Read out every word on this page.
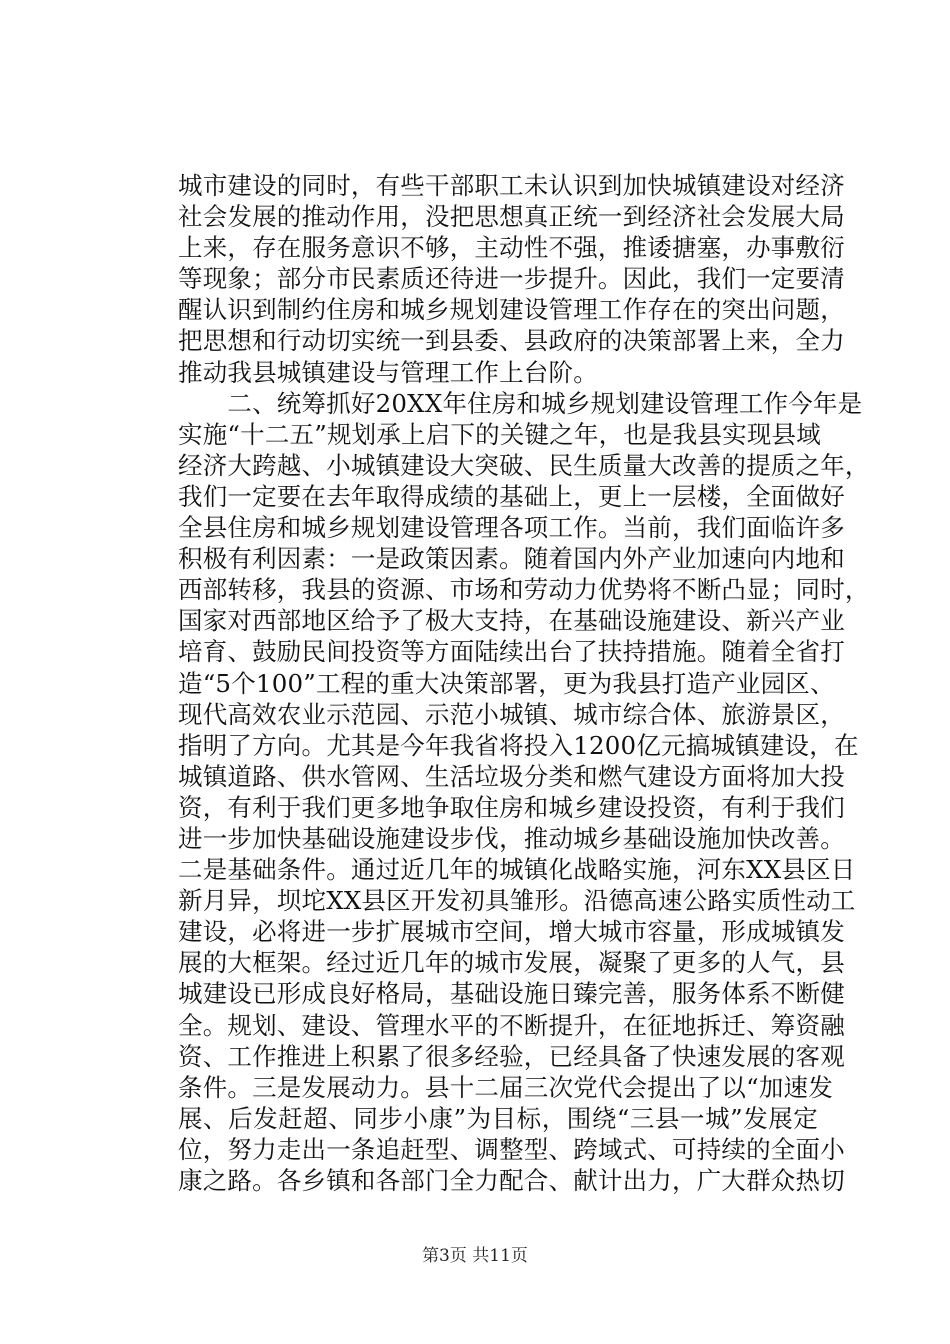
城市建设的同时，有些干部职工未认识到加快城镇建设对经济
社会发展的推动作用，没把思想真正统一到经济社会发展大局
上来，存在服务意识不够，主动性不强，推诿搪塞，办事敷衍
等现象；部分市民素质还待进一步提升。因此，我们一定要清
醒认识到制约住房和城乡规划建设管理工作存在的突出问题，
把思想和行动切实统一到县委、县政府的决策部署上来，全力
推动我县城镇建设与管理工作上台阶。
　　二、统筹抓好20XX年住房和城乡规划建设管理工作今年是
实施“十二五”规划承上启下的关键之年，也是我县实现县域
经济大跨越、小城镇建设大突破、民生质量大改善的提质之年，
我们一定要在去年取得成绩的基础上，更上一层楼，全面做好
全县住房和城乡规划建设管理各项工作。当前，我们面临许多
积极有利因素：一是政策因素。随着国内外产业加速向内地和
西部转移，我县的资源、市场和劳动力优势将不断凸显；同时，
国家对西部地区给予了极大支持，在基础设施建设、新兴产业
培育、鼓励民间投资等方面陆续出台了扶持措施。随着全省打
造“5个100”工程的重大决策部署，更为我县打造产业园区、
现代高效农业示范园、示范小城镇、城市综合体、旅游景区，
指明了方向。尤其是今年我省将投入1200亿元搞城镇建设，在
城镇道路、供水管网、生活垃圾分类和燃气建设方面将加大投
资，有利于我们更多地争取住房和城乡建设投资，有利于我们
进一步加快基础设施建设步伐，推动城乡基础设施加快改善。
二是基础条件。通过近几年的城镇化战略实施，河东XX县区日
新月异，坝坨XX县区开发初具雏形。沿德高速公路实质性动工
建设，必将进一步扩展城市空间，增大城市容量，形成城镇发
展的大框架。经过近几年的城市发展，凝聚了更多的人气，县
城建设已形成良好格局，基础设施日臻完善，服务体系不断健
全。规划、建设、管理水平的不断提升，在征地拆迁、筹资融
资、工作推进上积累了很多经验，已经具备了快速发展的客观
条件。三是发展动力。县十二届三次党代会提出了以“加速发
展、后发赶超、同步小康”为目标，围绕“三县一城”发展定
位，努力走出一条追赶型、调整型、跨域式、可持续的全面小
康之路。各乡镇和各部门全力配合、献计出力，广大群众热切
第3页 共11页
